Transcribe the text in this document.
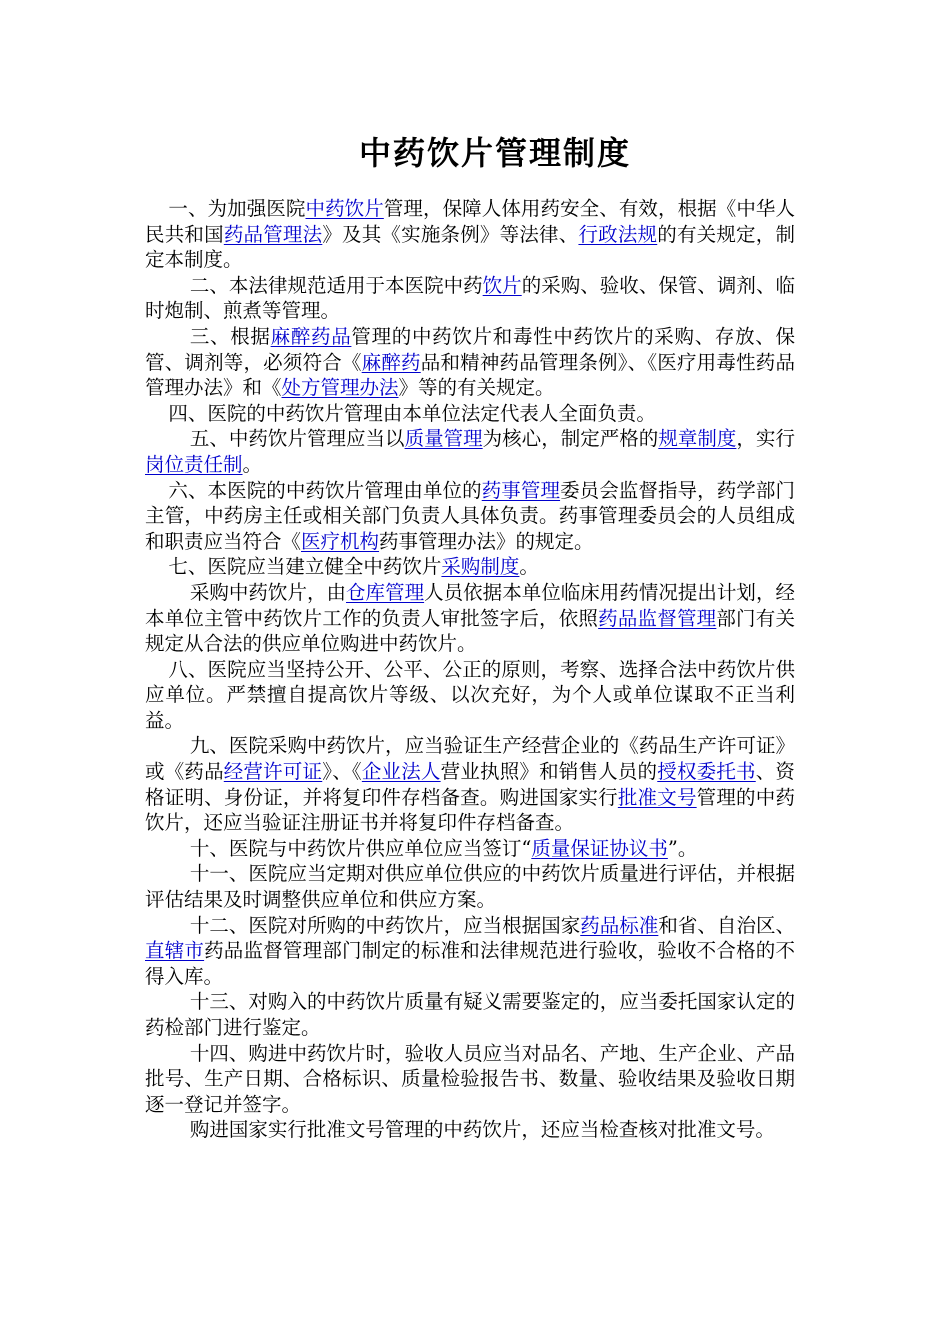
中药饮片管理制度

一、为加强医院中药饮片管理，保障人体用药安全、有效，根据《中华人民共和国药品管理法》及其《实施条例》等法律、行政法规的有关规定，制定本制度。

二、本法律规范适用于本医院中药饮片的采购、验收、保管、调剂、临时炮制、煎煮等管理。

三、根据麻醉药品管理的中药饮片和毒性中药饮片的采购、存放、保管、调剂等，必须符合《麻醉药品和精神药品管理条例》、《医疗用毒性药品管理办法》和《处方管理办法》等的有关规定。

四、医院的中药饮片管理由本单位法定代表人全面负责。

五、中药饮片管理应当以质量管理为核心，制定严格的规章制度，实行岗位责任制。

六、本医院的中药饮片管理由单位的药事管理委员会监督指导，药学部门主管，中药房主任或相关部门负责人具体负责。药事管理委员会的人员组成和职责应当符合《医疗机构药事管理办法》的规定。

七、医院应当建立健全中药饮片采购制度。

采购中药饮片，由仓库管理人员依据本单位临床用药情况提出计划，经本单位主管中药饮片工作的负责人审批签字后，依照药品监督管理部门有关规定从合法的供应单位购进中药饮片。

八、医院应当坚持公开、公平、公正的原则，考察、选择合法中药饮片供应单位。严禁擅自提高饮片等级、以次充好，为个人或单位谋取不正当利益。

九、医院采购中药饮片，应当验证生产经营企业的《药品生产许可证》或《药品经营许可证》、《企业法人营业执照》和销售人员的授权委托书、资格证明、身份证，并将复印件存档备查。购进国家实行批准文号管理的中药饮片，还应当验证注册证书并将复印件存档备查。

十、医院与中药饮片供应单位应当签订“质量保证协议书”。

十一、医院应当定期对供应单位供应的中药饮片质量进行评估，并根据评估结果及时调整供应单位和供应方案。

十二、医院对所购的中药饮片，应当根据国家药品标准和省、自治区、直辖市药品监督管理部门制定的标准和法律规范进行验收，验收不合格的不得入库。

十三、对购入的中药饮片质量有疑义需要鉴定的，应当委托国家认定的药检部门进行鉴定。

十四、购进中药饮片时，验收人员应当对品名、产地、生产企业、产品批号、生产日期、合格标识、质量检验报告书、数量、验收结果及验收日期逐一登记并签字。

购进国家实行批准文号管理的中药饮片，还应当检查核对批准文号。
